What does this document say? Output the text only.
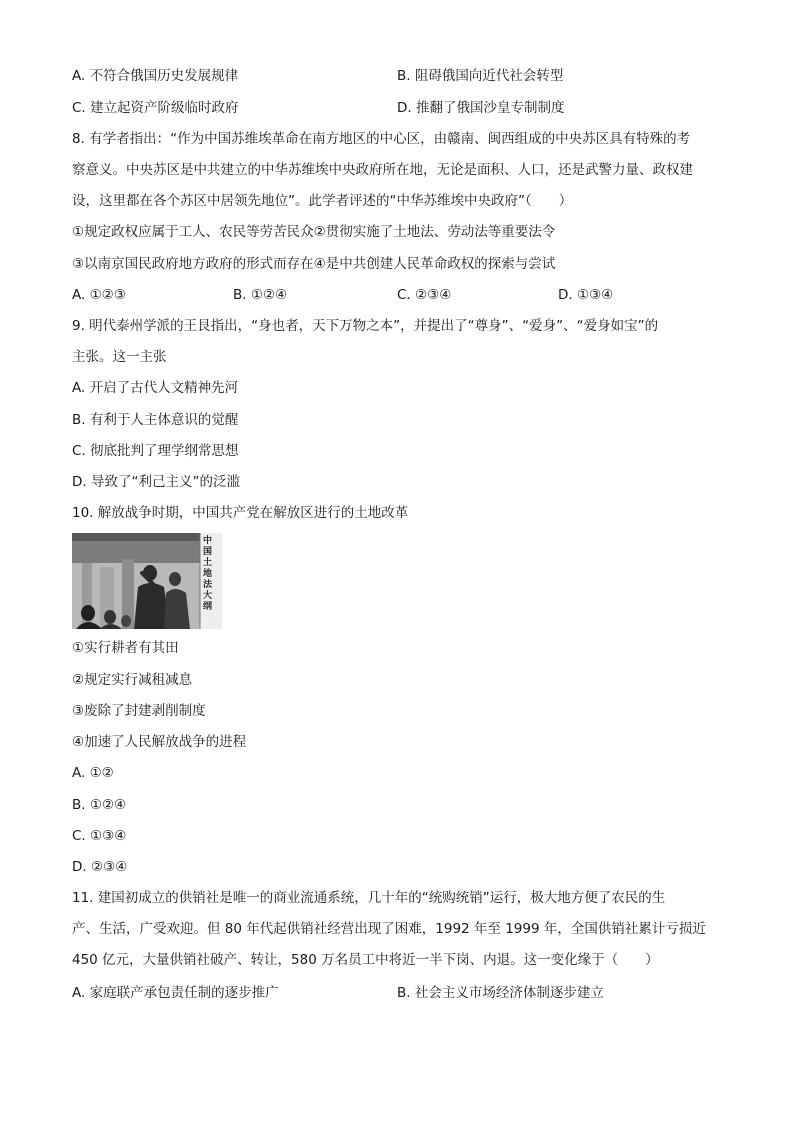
A. 不符合俄国历史发展规律	B. 阻碍俄国向近代社会转型
C. 建立起资产阶级临时政府	D. 推翻了俄国沙皇专制制度
8. 有学者指出：“作为中国苏维埃革命在南方地区的中心区，由赣南、闽西组成的中央苏区具有特殊的考
察意义。中央苏区是中共建立的中华苏维埃中央政府所在地，无论是面积、人口，还是武警力量、政权建
设，这里都在各个苏区中居领先地位”。此学者评述的“中华苏维埃中央政府”（　　）
①规定政权应属于工人、农民等劳苦民众②贯彻实施了土地法、劳动法等重要法令
③以南京国民政府地方政府的形式而存在④是中共创建人民革命政权的探索与尝试
A. ①②③	B. ①②④	C. ②③④	D. ①③④
9. 明代泰州学派的王艮指出，“身也者，天下万物之本”，并提出了“尊身”、“爱身”、“爱身如宝”的
主张。这一主张
A. 开启了古代人文精神先河
B. 有利于人主体意识的觉醒
C. 彻底批判了理学纲常思想
D. 导致了“利己主义”的泛滥
10. 解放战争时期，中国共产党在解放区进行的土地改革
中国土地法大纲
①实行耕者有其田
②规定实行减租减息
③废除了封建剥削制度
④加速了人民解放战争的进程
A. ①②
B. ①②④
C. ①③④
D. ②③④
11. 建国初成立的供销社是唯一的商业流通系统，几十年的“统购统销”运行，极大地方便了农民的生
产、生活，广受欢迎。但 80 年代起供销社经营出现了困难，1992 年至 1999 年，全国供销社累计亏损近
450 亿元，大量供销社破产、转让，580 万名员工中将近一半下岗、内退。这一变化缘于（　　）
A. 家庭联产承包责任制的逐步推广	B. 社会主义市场经济体制逐步建立
